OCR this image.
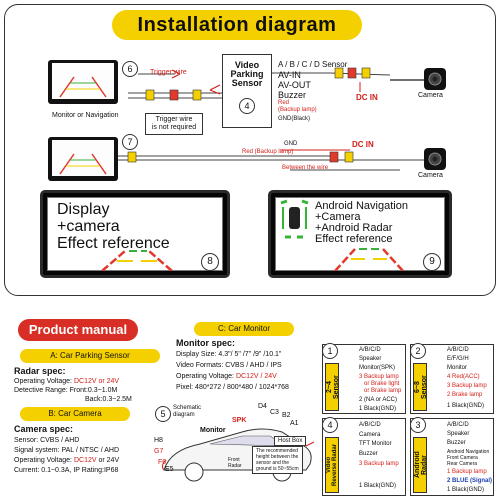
Installation diagram
6
Monitor or Navigation
7
Trigger wire
Trigger wire
is not required
Video
Parking
Sensor
4
A / B / C / D Sensor
AV-IN
AV-OUT
Buzzer
Red
(Backup lamp)
GND(Black)
DC IN	Camera
GND
Red (Backup lamp)
DC IN
Camera
Between the wire
Display
+camera
Effect reference
8
Android Navigation
+Camera
+Android Radar
Effect reference
9
Product manual
A: Car Parking Sensor
Radar spec:
Operating Voltage: DC12V or 24V
Detective Range: Front:0.3~1.0M
Back:0.3~2.5M
B: Car Camera
Camera spec:
Sensor: CVBS / AHD
Signal system: PAL / NTSC / AHD
Operating Voltage: DC12V or 24V
Current: 0.1~0.3A, IP Rating:IP68
C: Car Monitor
Monitor spec:
Display Size: 4.3"/ 5" /7" /9" /10.1"
Video Formats: CVBS / AHD / IPS
Operating Voltage: DC12V / 24V
Pixel: 480*272 / 800*480 / 1024*768
5
Schematic
diagram
SPK
Monitor
Host Box
Front
Radar
The recommended
height between the
sensor and the
ground is 50~55cm
D4
C3 B2
A1
H8
G7
F6
E5
1
2~4
Sensor
A/B/C/D
Speaker
Monitor(SPK)
3 Backup lamp
or Brake light
or Brake lamp
2 (NA or ACC)
1 Black(GND)
2
6~8
Sensor
A/B/C/D
E/F/G/H
Monitor
4 Red(ACC)
3 Backup lamp
2 Brake lamp
1 Black(GND)
4
Video
Reverse Radar
A/B/C/D
Camera
TFT Monitor
Buzzer
3 Backup lamp
1 Black(GND)
3
Android
Radar
A/B/C/D
Speaker
Buzzer
Android Navigation
Front Camera
Rear Camera
1 Backup lamp
2 BLUE (Signal)
1 Black(GND)
